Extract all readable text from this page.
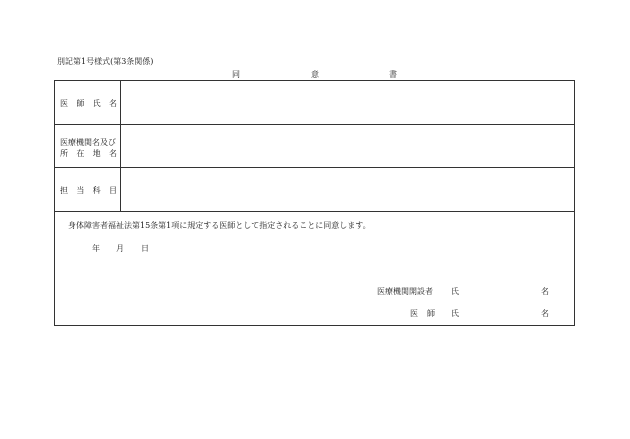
別記第1号様式(第3条関係)
同	意	書
医 師 氏 名
医療機関名及び
所 在 地 名
担 当 科 目
身体障害者福祉法第15条第1項に規定する医師として指定されることに同意します。
年 月 日
医療機関開設者 氏	名
医 師 氏	名
